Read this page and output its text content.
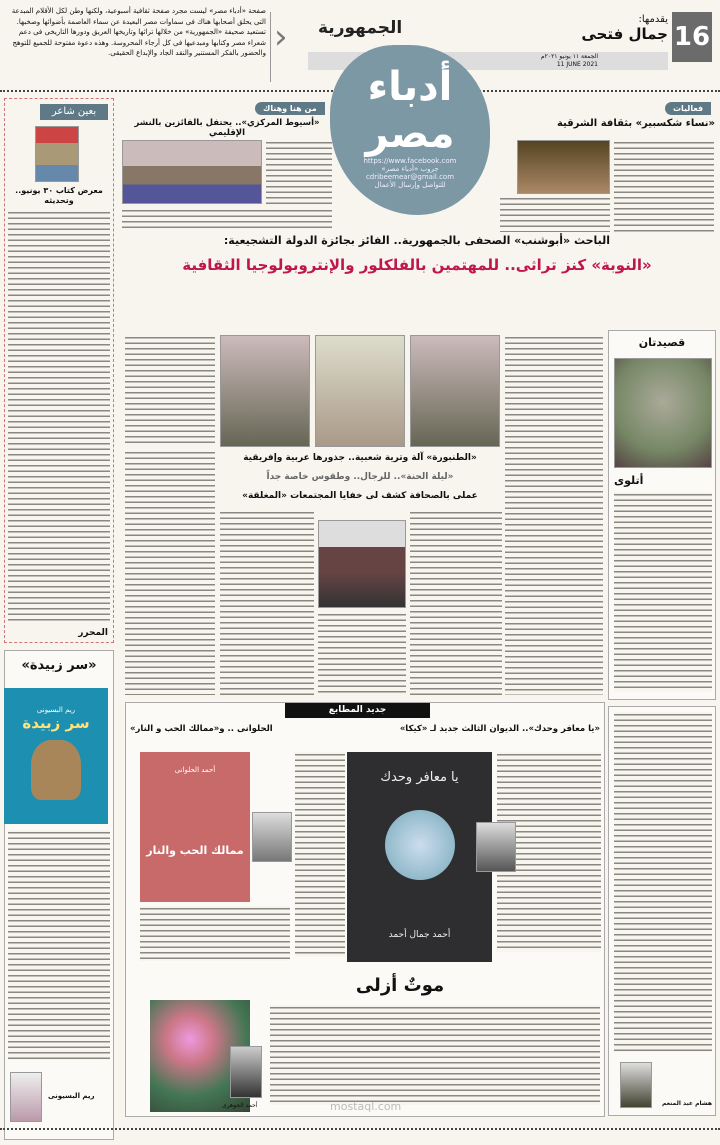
16
يقدمها:
جمال فتحى
الجمعة ١١ يونيو ٢٠٢١م
11 JUNE 2021
الجمهورية
‹
صفحة «أدباء مصر» ليست مجرد صفحة ثقافية أسبوعية، ولكنها وطن لكل الأقلام المبدعة التى يحلق أصحابها هناك فى سماوات مصر البعيدة عن سماء العاصمة بأضوائها وصخبها. تستعيد صحيفة «الجمهورية» من خلالها تراثها وتاريخها العريق ودورها التاريخى فى دعم شعراء مصر وكتابها ومبدعيها فى كل أرجاء المحروسة. وهذه دعوة مفتوحة للجميع للتوهج والحضور بالفكر المستنير والنقد الجاد والإبداع الحقيقى.
أدباء
مصر
https://www.facebook.com
جروب «أدباء مصر»
cdribeemear@gmail.com
للتواصل وإرسال الأعمال
بعين شاعر
معرض كتاب ٣٠ يونيو.. وتحديثه
المحرر
من هنا وهناك
«أسيوط المركزي».. يحتفل بالفائزين بالنشر الإقليمي
فعاليات
«نساء شكسبير» بثقافة الشرقية
الباحث «أبوشنب» الصحفى بالجمهورية.. الفائز بجائزة الدولة التشجيعية:
«النوبة» كنز تراثى.. للمهتمين بالفلكلور والإنتروبولوجيا الثقافية
قصيدتان
أتلوى
«الطنبورة» آلة وترية شعبية.. جذورها عربية وإفريقية
«ليلة الحنة».. للرجال.. وطقوس خاصة جداً
عملى بالصحافة كشف لى خفايا المجتمعات «المغلقة»
جديد المطابع
«يا معافر وحدك».. الديوان الثالث جديد لـ «كيكا»
الحلوانى .. و«ممالك الحب و النار»
يا معافر وحدك
أحمد جمال أحمد
أحمد الحلوانى
ممالك الحب والنار
موتٌ أزلى
أحمد الجوهرى	mostaql.com
«سر زبيدة»
ريم البسيونى
سر زبيدة
ريم البسيونى
هشام عبد المنعم
